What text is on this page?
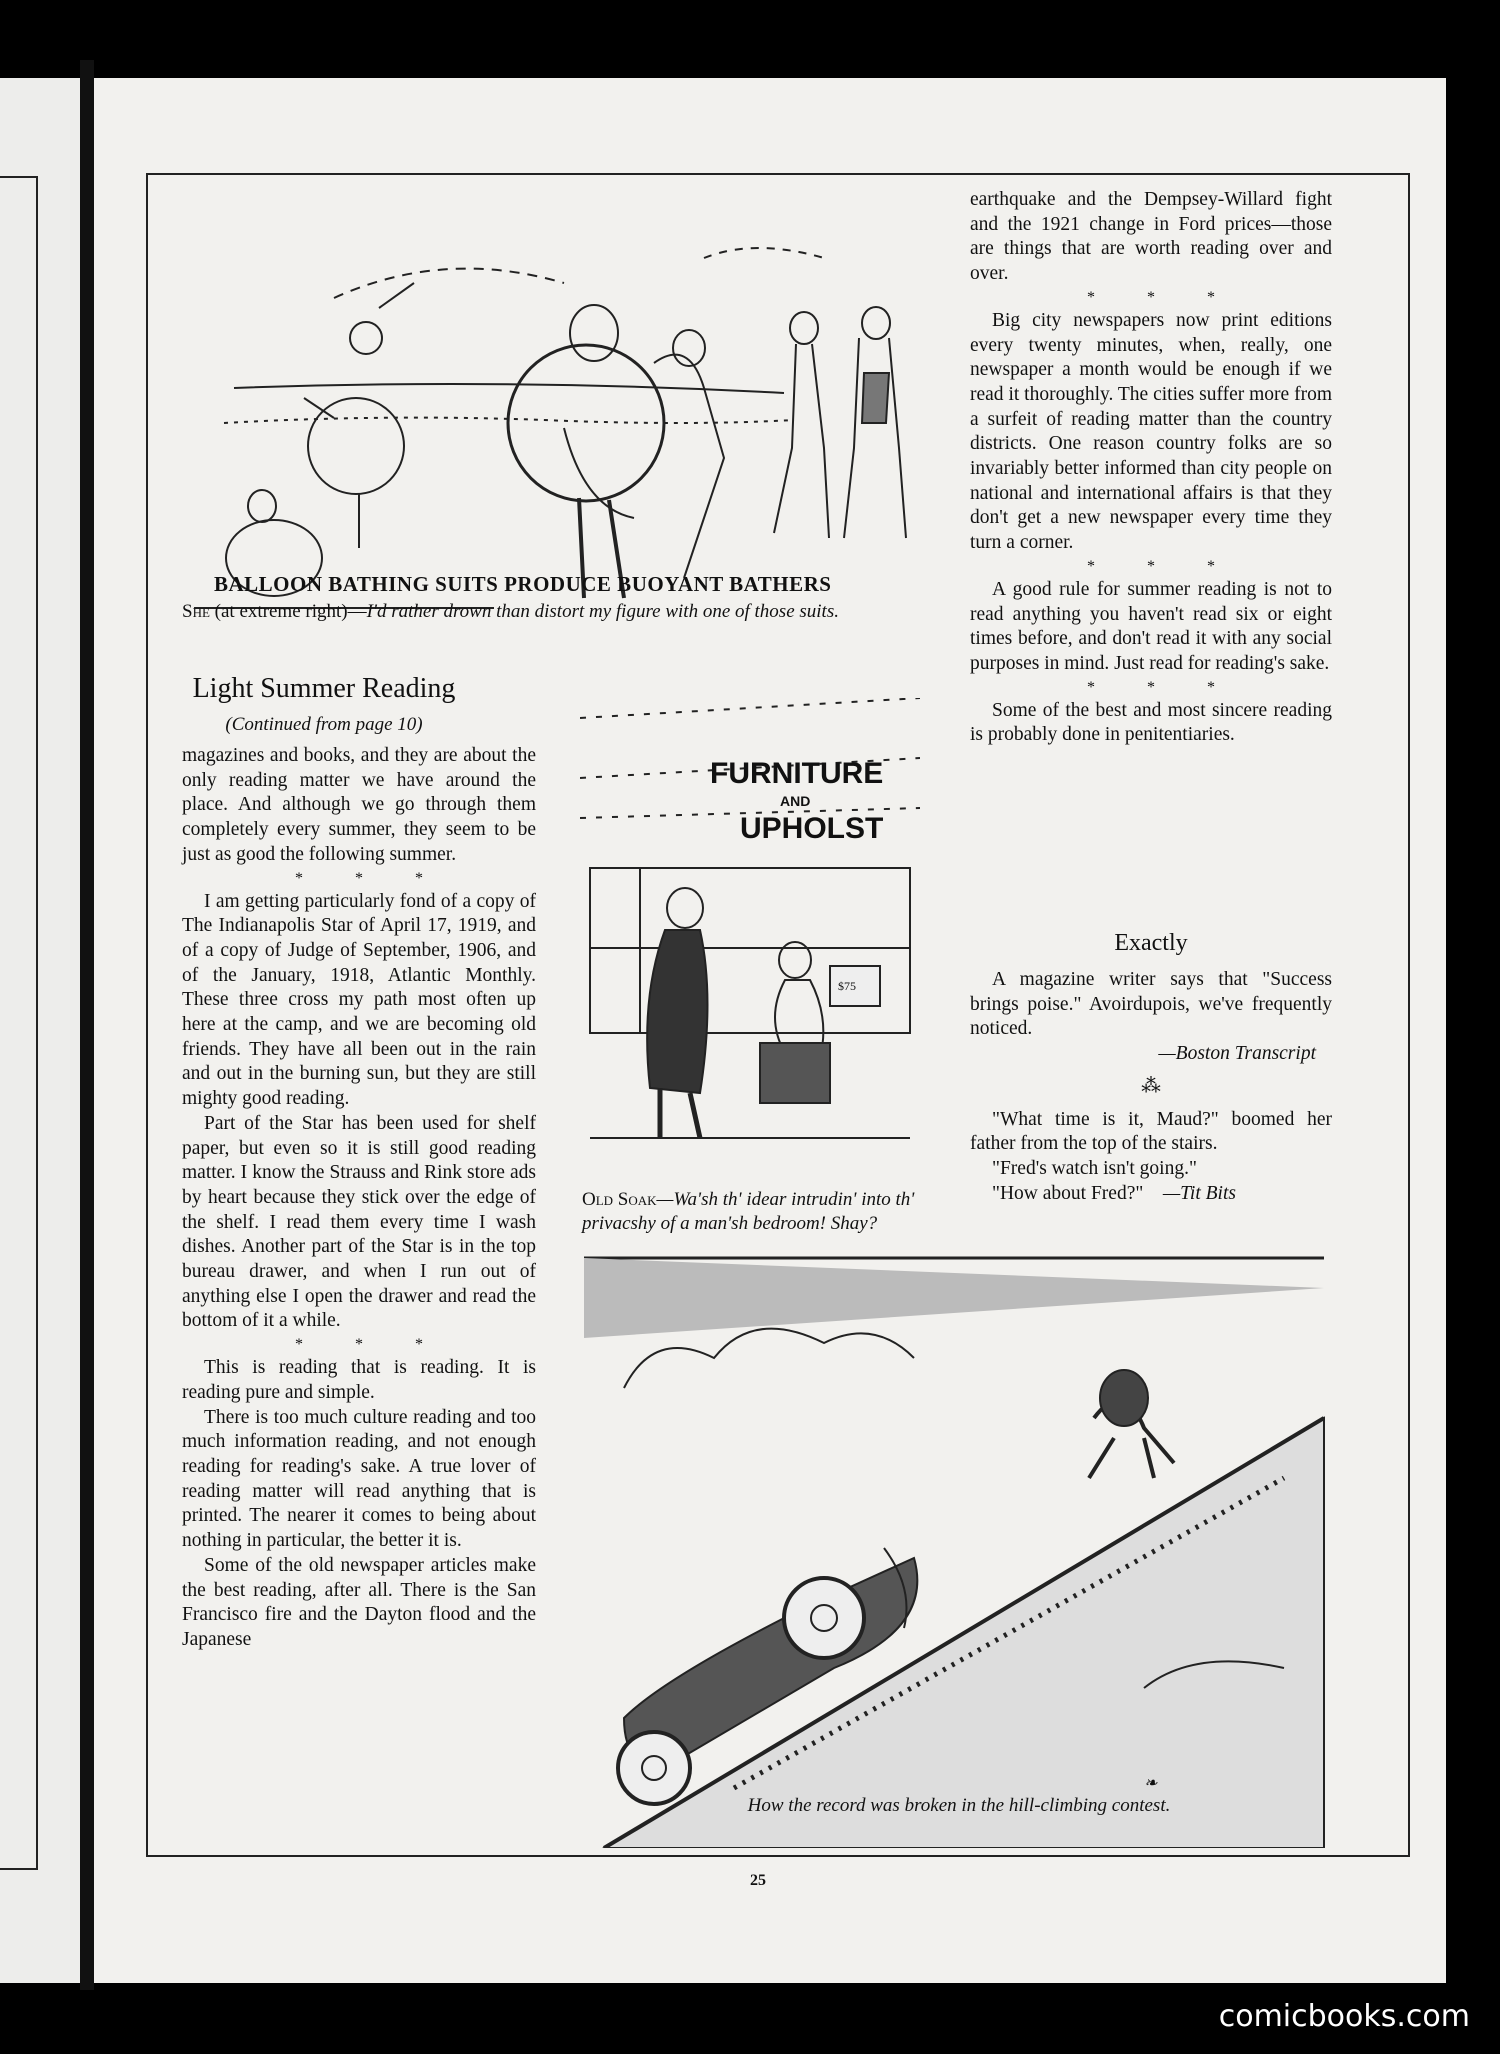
BALLOON BATHING SUITS PRODUCE BUOYANT BATHERS
She (at extreme right)—I'd rather drown than distort my figure with one of those suits.
Light Summer Reading
(Continued from page 10)

magazines and books, and they are about the only reading matter we have around the place. And although we go through them completely every summer, they seem to be just as good the following summer.

* * *

I am getting particularly fond of a copy of The Indianapolis Star of April 17, 1919, and of a copy of Judge of September, 1906, and of the January, 1918, Atlantic Monthly. These three cross my path most often up here at the camp, and we are becoming old friends. They have all been out in the rain and out in the burning sun, but they are still mighty good reading.

Part of the Star has been used for shelf paper, but even so it is still good reading matter. I know the Strauss and Rink store ads by heart because they stick over the edge of the shelf. I read them every time I wash dishes. Another part of the Star is in the top bureau drawer, and when I run out of anything else I open the drawer and read the bottom of it a while.

* * *

This is reading that is reading. It is reading pure and simple.

There is too much culture reading and too much information reading, and not enough reading for reading's sake. A true lover of reading matter will read anything that is printed. The nearer it comes to being about nothing in particular, the better it is.

Some of the old newspaper articles make the best reading, after all. There is the San Francisco fire and the Dayton flood and the Japanese

earthquake and the Dempsey-Willard fight and the 1921 change in Ford prices—those are things that are worth reading over and over.

* * *

Big city newspapers now print editions every twenty minutes, when, really, one newspaper a month would be enough if we read it thoroughly. The cities suffer more from a surfeit of reading matter than the country districts. One reason country folks are so invariably better informed than city people on national and international affairs is that they don't get a new newspaper every time they turn a corner.

* * *

A good rule for summer reading is not to read anything you haven't read six or eight times before, and don't read it with any social purposes in mind. Just read for reading's sake.

* * *

Some of the best and most sincere reading is probably done in penitentiaries.

Exactly

A magazine writer says that "Success brings poise." Avoirdupois, we've frequently noticed.

—Boston Transcript
⁂

"What time is it, Maud?" boomed her father from the top of the stairs.

"Fred's watch isn't going."

"How about Fred?" —Tit Bits

FURNITURE
AND
UPHOLST
$75
Old Soak—Wa'sh th' idear intrudin' into th' privacshy of a man'sh bedroom! Shay?
❧
How the record was broken in the hill-climbing contest.
25
comicbooks.com
